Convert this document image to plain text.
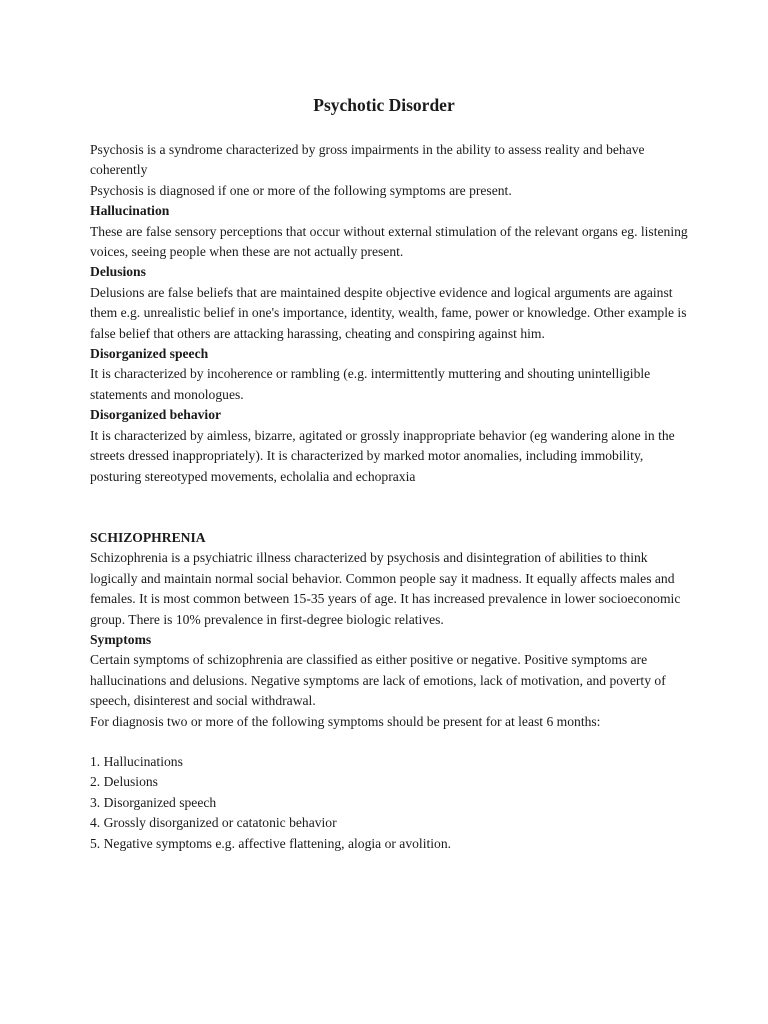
Psychotic Disorder

Psychosis is a syndrome characterized by gross impairments in the ability to assess reality and behave coherently

Psychosis is diagnosed if one or more of the following symptoms are present.

Hallucination

These are false sensory perceptions that occur without external stimulation of the relevant organs eg. listening voices, seeing people when these are not actually present.

Delusions

Delusions are false beliefs that are maintained despite objective evidence and logical arguments are against them e.g. unrealistic belief in one's importance, identity, wealth, fame, power or knowledge. Other example is false belief that others are attacking harassing, cheating and conspiring against him.

Disorganized speech

It is characterized by incoherence or rambling (e.g. intermittently muttering and shouting unintelligible statements and monologues.

Disorganized behavior

It is characterized by aimless, bizarre, agitated or grossly inappropriate behavior (eg wandering alone in the streets dressed inappropriately). It is characterized by marked motor anomalies, including immobility, posturing stereotyped movements, echolalia and echopraxia

SCHIZOPHRENIA

Schizophrenia is a psychiatric illness characterized by psychosis and disintegration of abilities to think logically and maintain normal social behavior. Common people say it madness. It equally affects males and females. It is most common between 15-35 years of age. It has increased prevalence in lower socioeconomic group. There is 10% prevalence in first-degree biologic relatives.

Symptoms

Certain symptoms of schizophrenia are classified as either positive or negative. Positive symptoms are hallucinations and delusions. Negative symptoms are lack of emotions, lack of motivation, and poverty of speech, disinterest and social withdrawal.

For diagnosis two or more of the following symptoms should be present for at least 6 months:

1. Hallucinations
2. Delusions
3. Disorganized speech
4. Grossly disorganized or catatonic behavior
5. Negative symptoms e.g. affective flattening, alogia or avolition.
